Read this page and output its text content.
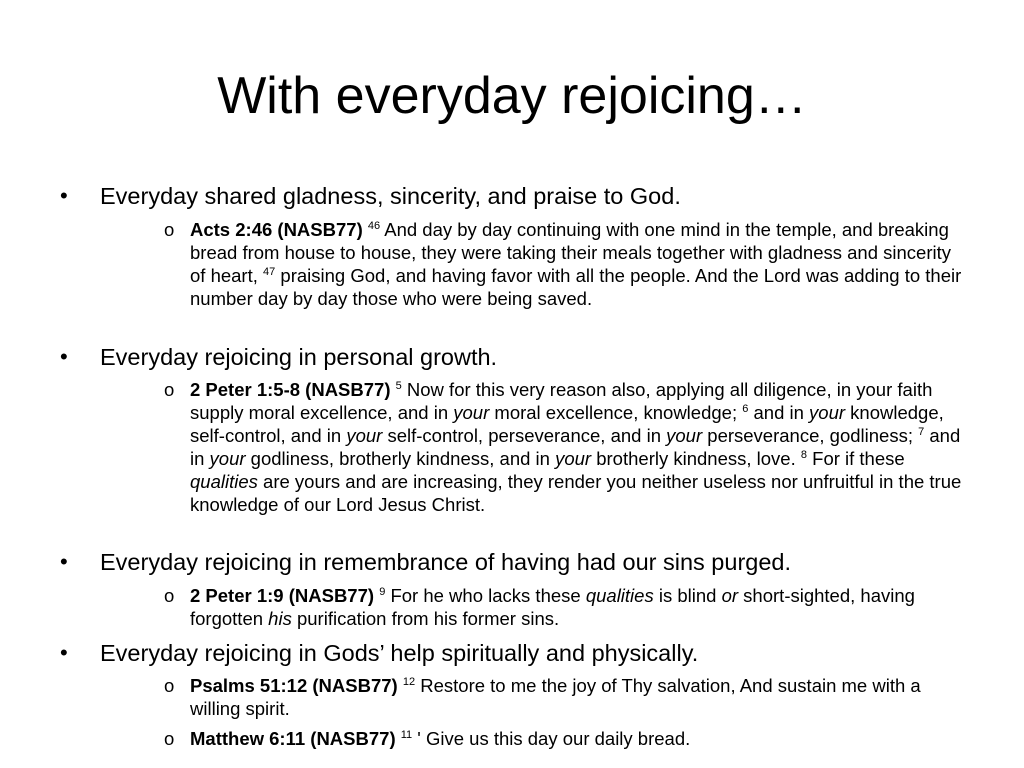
With everyday rejoicing…
• Everyday shared gladness, sincerity, and praise to God.
o Acts 2:46 (NASB77) $^{46}$ And day by day continuing with one mind in the temple, and breaking bread from house to house, they were taking their meals together with gladness and sincerity of heart, $^{47}$ praising God, and having favor with all the people. And the Lord was adding to their number day by day those who were being saved.
• Everyday rejoicing in personal growth.
o 2 Peter 1:5-8 (NASB77) $^5$ Now for this very reason also, applying all diligence, in your faith supply moral excellence, and in your moral excellence, knowledge; $^6$ and in your knowledge, self-control, and in your self-control, perseverance, and in your perseverance, godliness; $^7$ and in your godliness, brotherly kindness, and in your brotherly kindness, love. $^8$ For if these qualities are yours and are increasing, they render you neither useless nor unfruitful in the true knowledge of our Lord Jesus Christ.
• Everyday rejoicing in remembrance of having had our sins purged.
o 2 Peter 1:9 (NASB77) $^9$ For he who lacks these qualities is blind or short-sighted, having forgotten his purification from his former sins.
• Everyday rejoicing in Gods’ help spiritually and physically.
o Psalms 51:12 (NASB77) $^{12}$ Restore to me the joy of Thy salvation, And sustain me with a willing spirit.
o Matthew 6:11 (NASB77) $^{11}$ ' Give us this day our daily bread.
